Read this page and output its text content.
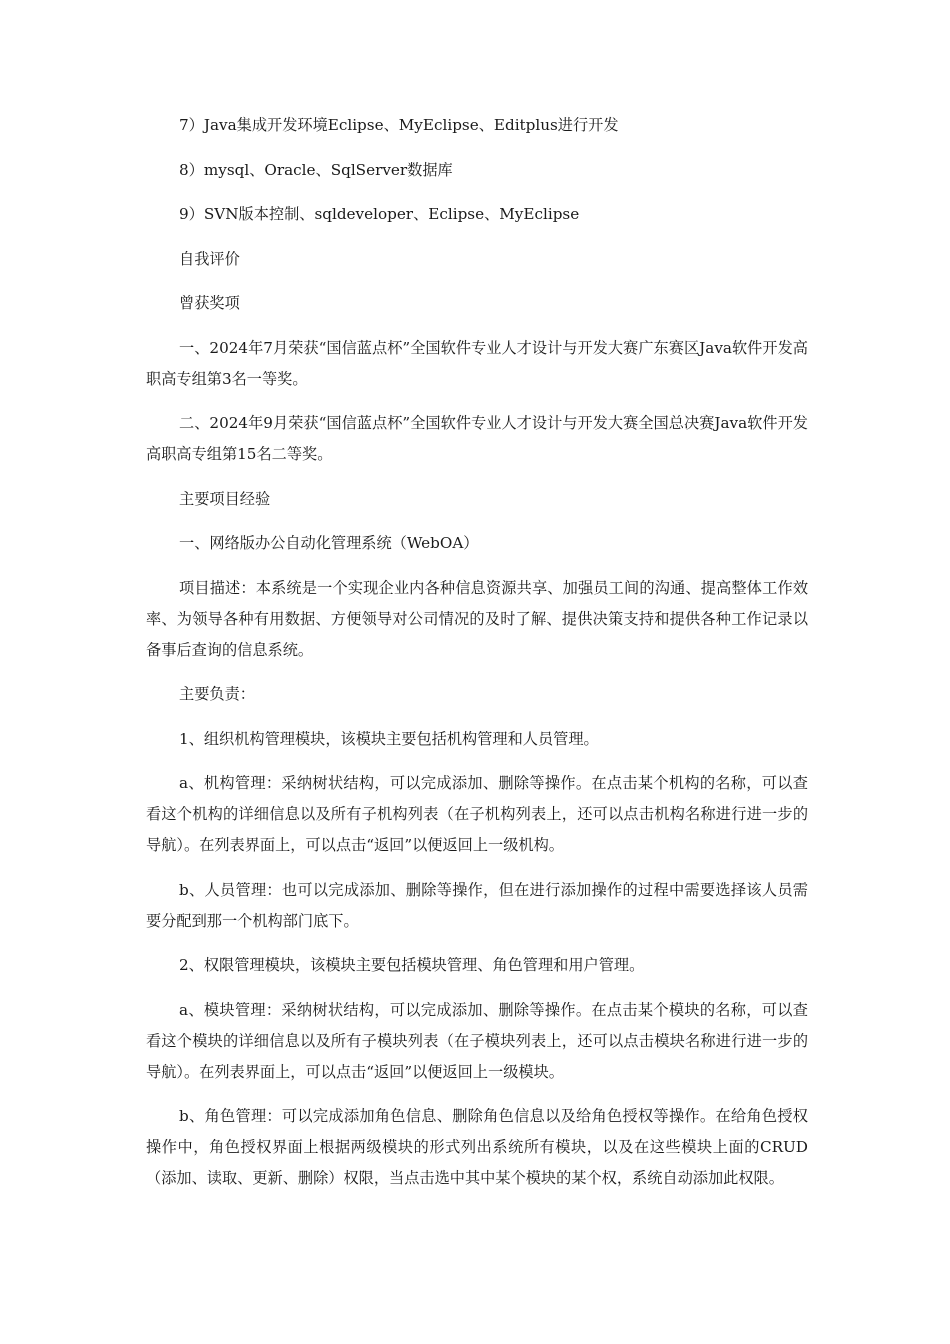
7）Java集成开发环境Eclipse、MyEclipse、Editplus进行开发

8）mysql、Oracle、SqlServer数据库

9）SVN版本控制、sqldeveloper、Eclipse、MyEclipse

自我评价

曾获奖项

一、2024年7月荣获“国信蓝点杯”全国软件专业人才设计与开发大赛广东赛区Java软件开发高职高专组第3名一等奖。

二、2024年9月荣获“国信蓝点杯”全国软件专业人才设计与开发大赛全国总决赛Java软件开发高职高专组第15名二等奖。

主要项目经验

一、网络版办公自动化管理系统（WebOA）

项目描述：本系统是一个实现企业内各种信息资源共享、加强员工间的沟通、提高整体工作效率、为领导各种有用数据、方便领导对公司情况的及时了解、提供决策支持和提供各种工作记录以备事后查询的信息系统。

主要负责：

1、组织机构管理模块，该模块主要包括机构管理和人员管理。

a、机构管理：采纳树状结构，可以完成添加、删除等操作。在点击某个机构的名称，可以查看这个机构的详细信息以及所有子机构列表（在子机构列表上，还可以点击机构名称进行进一步的导航）。在列表界面上，可以点击“返回”以便返回上一级机构。

b、人员管理：也可以完成添加、删除等操作，但在进行添加操作的过程中需要选择该人员需要分配到那一个机构部门底下。

2、权限管理模块，该模块主要包括模块管理、角色管理和用户管理。

a、模块管理：采纳树状结构，可以完成添加、删除等操作。在点击某个模块的名称，可以查看这个模块的详细信息以及所有子模块列表（在子模块列表上，还可以点击模块名称进行进一步的导航）。在列表界面上，可以点击“返回”以便返回上一级模块。

b、角色管理：可以完成添加角色信息、删除角色信息以及给角色授权等操作。在给角色授权操作中，角色授权界面上根据两级模块的形式列出系统所有模块，以及在这些模块上面的CRUD（添加、读取、更新、删除）权限，当点击选中其中某个模块的某个权，系统自动添加此权限。
